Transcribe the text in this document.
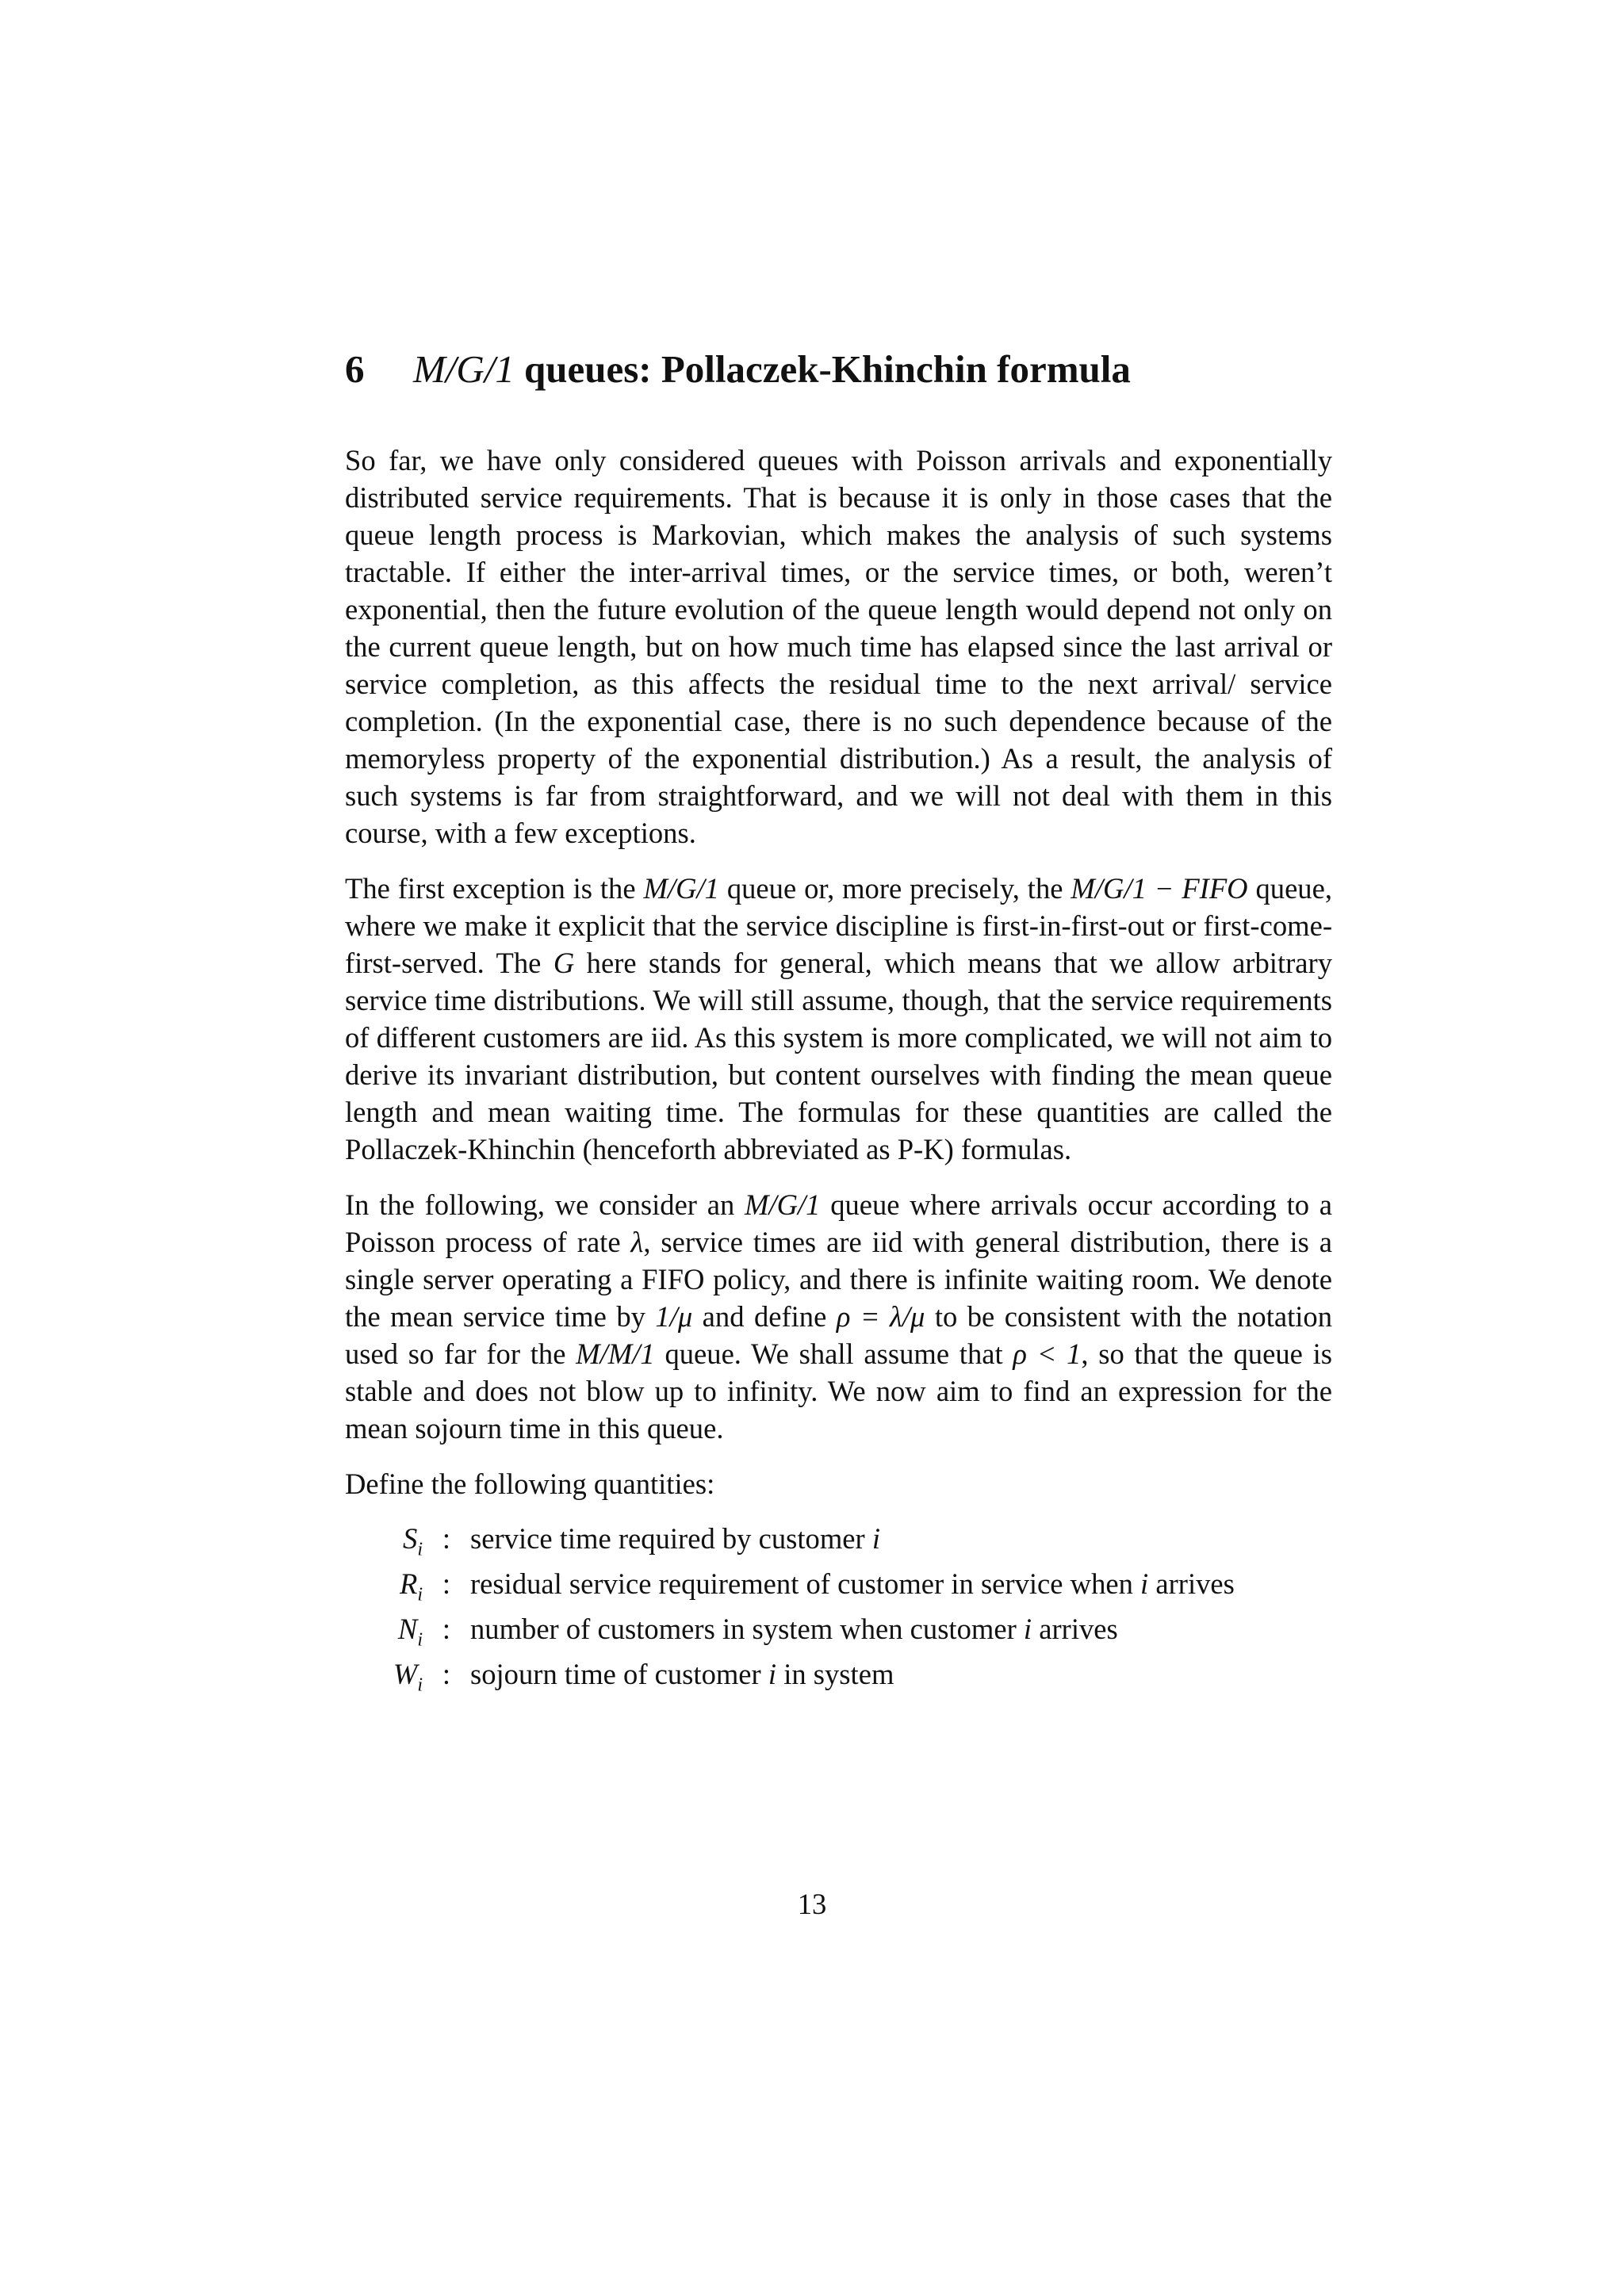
6	M/G/1 queues: Pollaczek-Khinchin formula

So far, we have only considered queues with Poisson arrivals and exponentially distributed service requirements. That is because it is only in those cases that the queue length process is Markovian, which makes the analysis of such systems tractable. If either the inter-arrival times, or the service times, or both, weren’t exponential, then the future evolution of the queue length would depend not only on the current queue length, but on how much time has elapsed since the last arrival or service completion, as this affects the residual time to the next arrival/ service completion. (In the exponential case, there is no such dependence because of the memoryless property of the exponential distribution.) As a result, the analysis of such systems is far from straightforward, and we will not deal with them in this course, with a few exceptions.

The first exception is the M/G/1 queue or, more precisely, the M/G/1 − FIFO queue, where we make it explicit that the service discipline is first-in-first-out or first-come-first-served. The G here stands for general, which means that we allow arbitrary service time distributions. We will still assume, though, that the service requirements of different customers are iid. As this system is more complicated, we will not aim to derive its invariant distribution, but content ourselves with finding the mean queue length and mean waiting time. The formulas for these quantities are called the Pollaczek-Khinchin (henceforth abbreviated as P-K) formulas.

In the following, we consider an M/G/1 queue where arrivals occur according to a Poisson process of rate λ, service times are iid with general distribution, there is a single server operating a FIFO policy, and there is infinite waiting room. We denote the mean service time by 1/μ and define ρ = λ/μ to be consistent with the notation used so far for the M/M/1 queue. We shall assume that ρ < 1, so that the queue is stable and does not blow up to infinity. We now aim to find an expression for the mean sojourn time in this queue.

Define the following quantities:

$S_i$ : service time required by customer i
$R_i$ : residual service requirement of customer in service when i arrives
$N_i$ : number of customers in system when customer i arrives
$W_i$ : sojourn time of customer i in system
13
